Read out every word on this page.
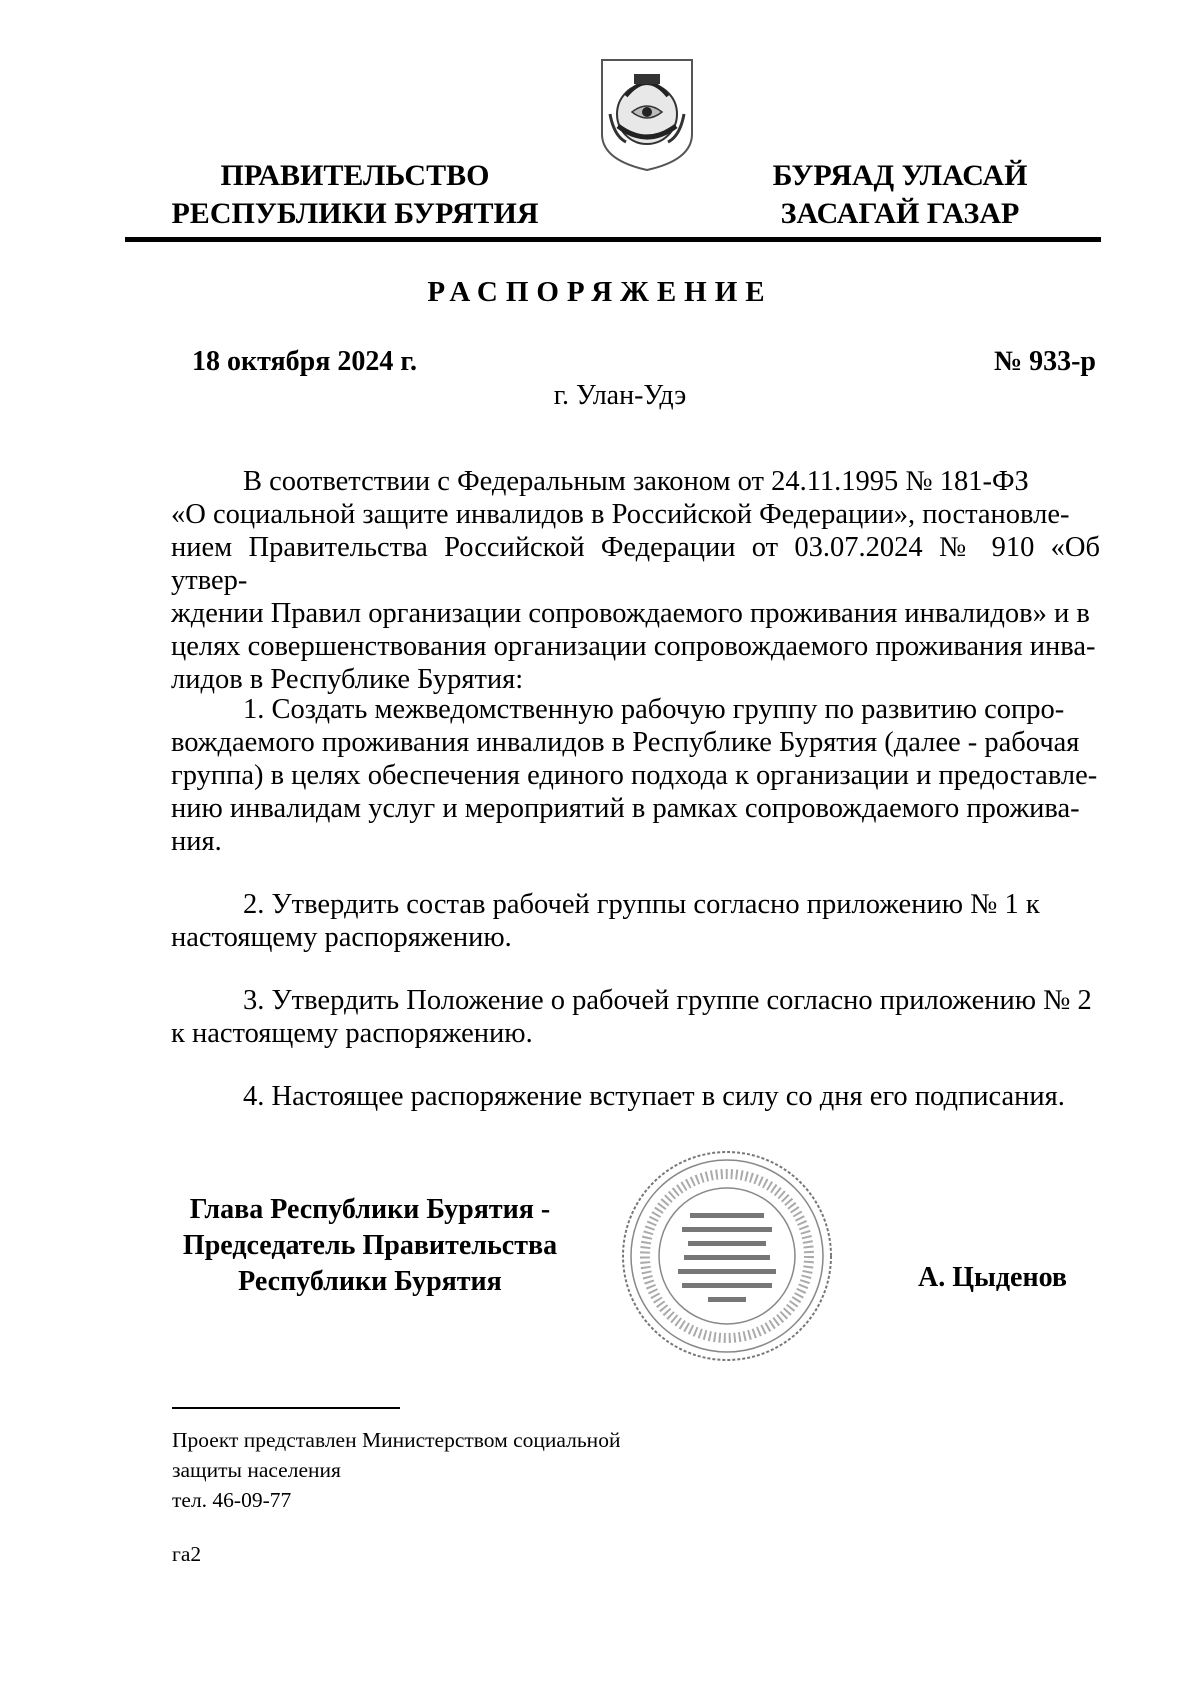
ПРАВИТЕЛЬСТВО
РЕСПУБЛИКИ БУРЯТИЯ
БУРЯАД УЛАСАЙ
ЗАСАГАЙ ГАЗАР
РАСПОРЯЖЕНИЕ
18 октября 2024 г.	№ 933-р
г. Улан-Удэ
В соответствии с Федеральным законом от 24.11.1995 № 181-ФЗ
«О социальной защите инвалидов в Российской Федерации», постановле-
нием Правительства Российской Федерации от 03.07.2024 № 910 «Об утвер-
ждении Правил организации сопровождаемого проживания инвалидов» и в
целях совершенствования организации сопровождаемого проживания инва-
лидов в Республике Бурятия:
1. Создать межведомственную рабочую группу по развитию сопро-
вождаемого проживания инвалидов в Республике Бурятия (далее - рабочая
группа) в целях обеспечения единого подхода к организации и предоставле-
нию инвалидам услуг и мероприятий в рамках сопровождаемого прожива-
ния.
2. Утвердить состав рабочей группы согласно приложению № 1 к
настоящему распоряжению.
3. Утвердить Положение о рабочей группе согласно приложению № 2
к настоящему распоряжению.
4. Настоящее распоряжение вступает в силу со дня его подписания.
Глава Республики Бурятия -
Председатель Правительства
Республики Бурятия	А. Цыденов
Проект представлен Министерством социальной
защиты населения
тел. 46-09-77
га2
